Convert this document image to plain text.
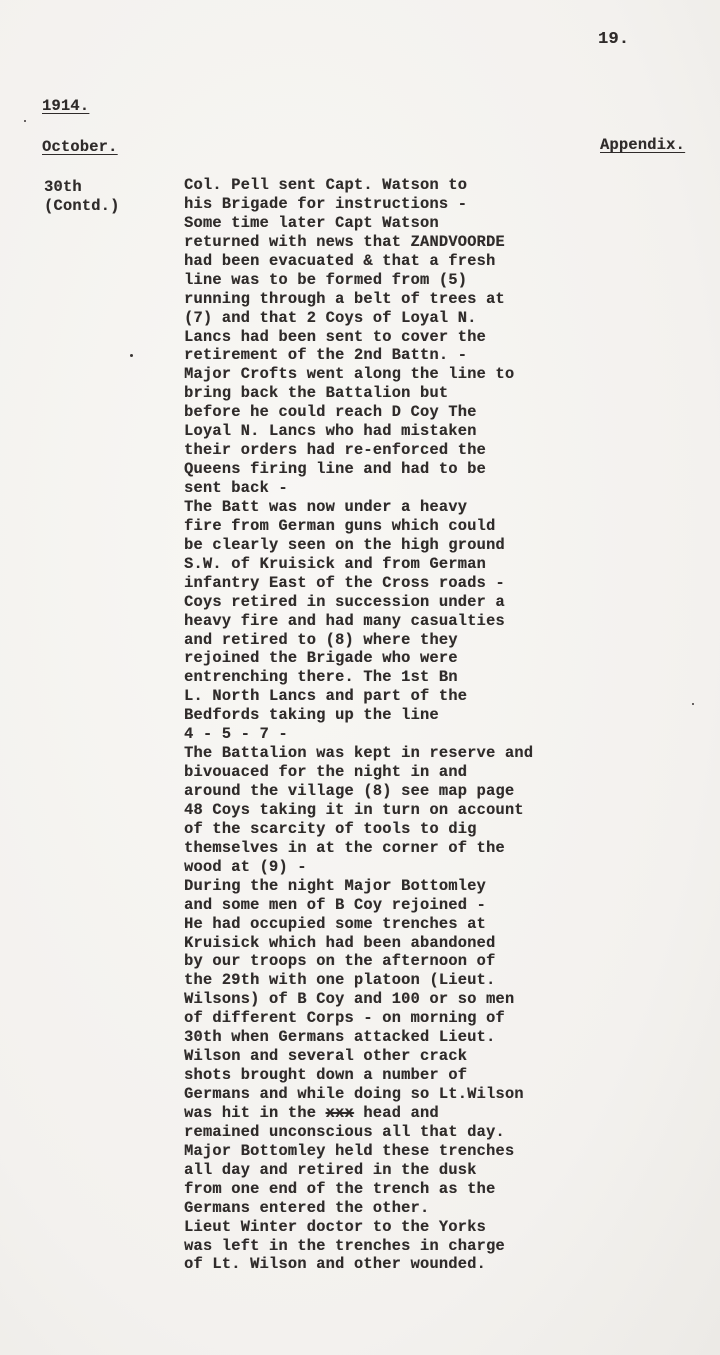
19.
1914.
October.	Appendix.
30th
(Contd.)
Col. Pell sent Capt. Watson to
his Brigade for instructions -
Some time later Capt Watson
returned with news that ZANDVOORDE
had been evacuated & that a fresh
line was to be formed from (5)
running through a belt of trees at
(7) and that 2 Coys of Loyal N.
Lancs had been sent to cover the
retirement of the 2nd Battn. -
Major Crofts went along the line to
bring back the Battalion but
before he could reach D Coy The
Loyal N. Lancs who had mistaken
their orders had re-enforced the
Queens firing line and had to be
sent back -
The Batt was now under a heavy
fire from German guns which could
be clearly seen on the high ground
S.W. of Kruisick and from German
infantry East of the Cross roads -
Coys retired in succession under a
heavy fire and had many casualties
and retired to (8) where they
rejoined the Brigade who were
entrenching there. The 1st Bn
L. North Lancs and part of the
Bedfords taking up the line
4 - 5 - 7 -
The Battalion was kept in reserve and
bivouaced for the night in and
around the village (8) see map page
48 Coys taking it in turn on account
of the scarcity of tools to dig
themselves in at the corner of the
wood at (9) -
During the night Major Bottomley
and some men of B Coy rejoined -
He had occupied some trenches at
Kruisick which had been abandoned
by our troops on the afternoon of
the 29th with one platoon (Lieut.
Wilsons) of B Coy and 100 or so men
of different Corps - on morning of
30th when Germans attacked Lieut.
Wilson and several other crack
shots brought down a number of
Germans and while doing so Lt.Wilson
was hit in the xxx head and
remained unconscious all that day.
Major Bottomley held these trenches
all day and retired in the dusk
from one end of the trench as the
Germans entered the other.
Lieut Winter doctor to the Yorks
was left in the trenches in charge
of Lt. Wilson and other wounded.
